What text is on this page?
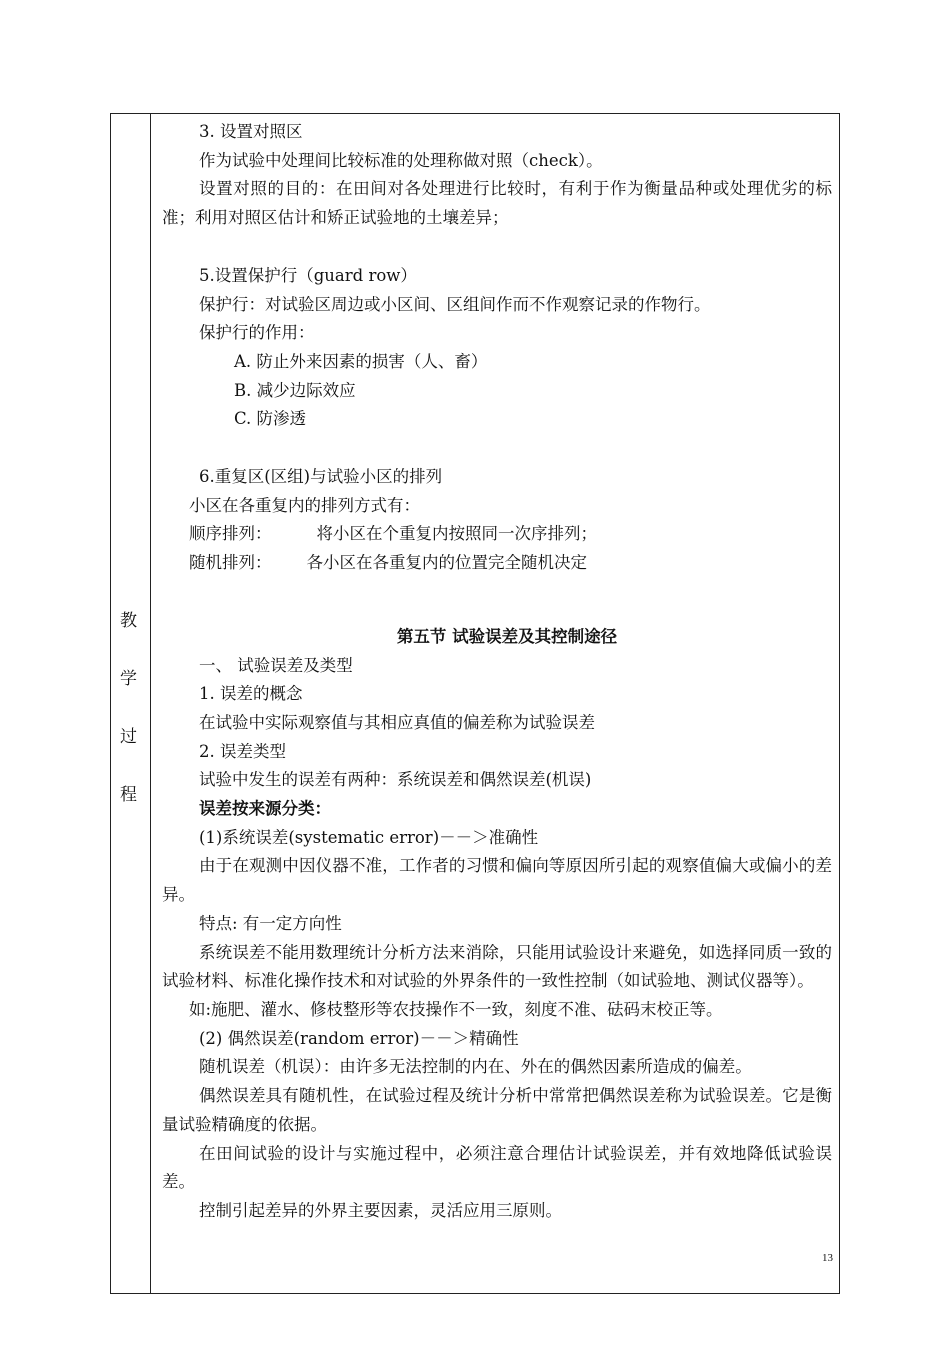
教
学
过
程

3. 设置对照区

作为试验中处理间比较标准的处理称做对照（check）。

设置对照的目的：在田间对各处理进行比较时，有利于作为衡量品种或处理优劣的标准；利用对照区估计和矫正试验地的土壤差异；

5.设置保护行（guard row）

保护行：对试验区周边或小区间、区组间作而不作观察记录的作物行。

保护行的作用：

A. 防止外来因素的损害（人、畜）

B. 减少边际效应

C. 防渗透

6.重复区(区组)与试验小区的排列

小区在各重复内的排列方式有：

顺序排列：	将小区在个重复内按照同一次序排列；

随机排列： 各小区在各重复内的位置完全随机决定

第五节 试验误差及其控制途径

一、 试验误差及类型

1. 误差的概念

在试验中实际观察值与其相应真值的偏差称为试验误差

2. 误差类型

试验中发生的误差有两种：系统误差和偶然误差(机误)

误差按来源分类：

(1)系统误差(systematic error)－－＞准确性

由于在观测中因仪器不准，工作者的习惯和偏向等原因所引起的观察值偏大或偏小的差异。

特点: 有一定方向性

系统误差不能用数理统计分析方法来消除，只能用试验设计来避免，如选择同质一致的试验材料、标准化操作技术和对试验的外界条件的一致性控制（如试验地、测试仪器等）。

如:施肥、灌水、修枝整形等农技操作不一致，刻度不准、砝码末校正等。

(2) 偶然误差(random error)－－＞精确性

随机误差（机误）：由许多无法控制的内在、外在的偶然因素所造成的偏差。

偶然误差具有随机性，在试验过程及统计分析中常常把偶然误差称为试验误差。它是衡量试验精确度的依据。

在田间试验的设计与实施过程中，必须注意合理估计试验误差，并有效地降低试验误差。

控制引起差异的外界主要因素，灵活应用三原则。

13
